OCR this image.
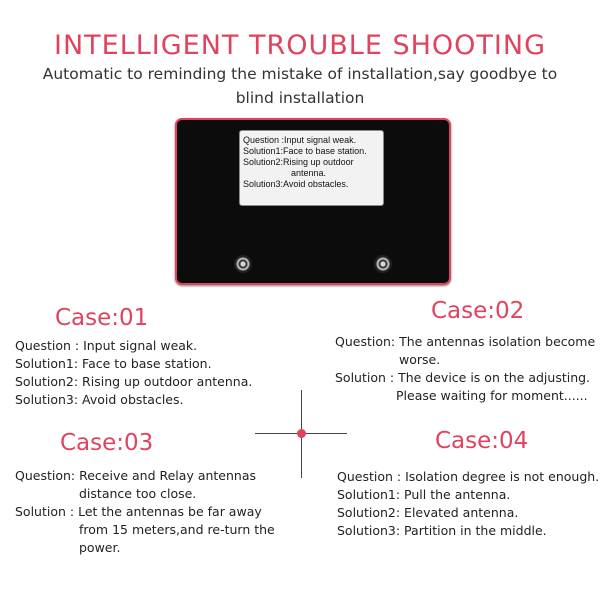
INTELLIGENT TROUBLE SHOOTING
Automatic to reminding the mistake of installation,say goodbye to
blind installation
Question : Input signal weak.
Solution1: Face to base station.
Solution2: Rising up outdoor
antenna.
Solution3: Avoid obstacles.
Case:01
Question : Input signal weak.
Solution1: Face to base station.
Solution2: Rising up outdoor antenna.
Solution3: Avoid obstacles.
Case:02
Question: The antennas isolation become
worse.
Solution : The device is on the adjusting.
Please waiting for moment......
Case:03
Question: Receive and Relay antennas
distance too close.
Solution : Let the antennas be far away
from 15 meters,and re-turn the
power.
Case:04
Question : Isolation degree is not enough.
Solution1: Pull the antenna.
Solution2: Elevated antenna.
Solution3: Partition in the middle.
